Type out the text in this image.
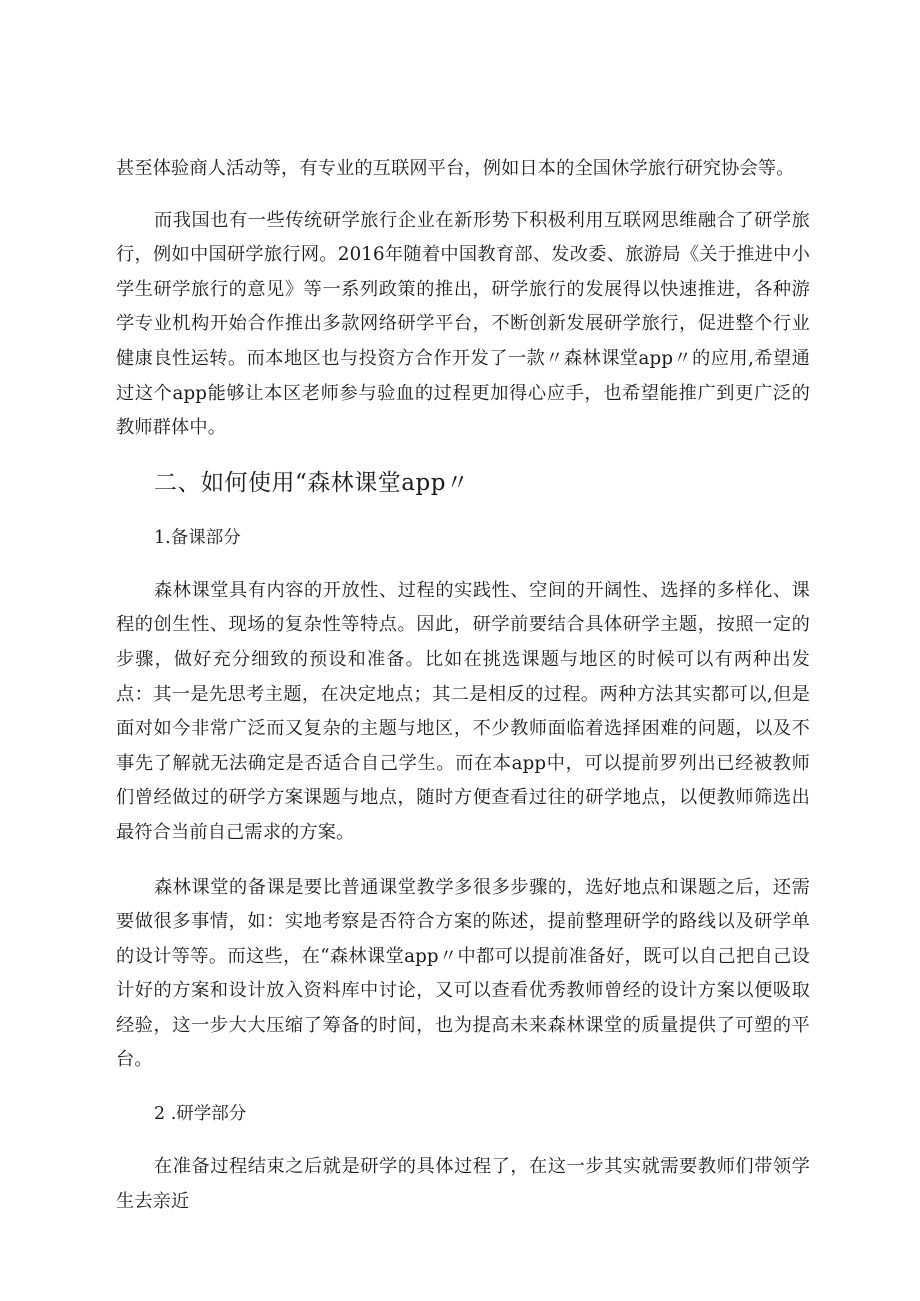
甚至体验商人活动等，有专业的互联网平台，例如日本的全国休学旅行研究协会等。

而我国也有一些传统研学旅行企业在新形势下积极利用互联网思维融合了研学旅行，例如中国研学旅行网。2016年随着中国教育部、发改委、旅游局《关于推进中小学生研学旅行的意见》等一系列政策的推出，研学旅行的发展得以快速推进，各种游学专业机构开始合作推出多款网络研学平台，不断创新发展研学旅行，促进整个行业健康良性运转。而本地区也与投资方合作开发了一款〃森林课堂app〃的应用,希望通过这个app能够让本区老师参与验血的过程更加得心应手，也希望能推广到更广泛的教师群体中。

二、如何使用“森林课堂app〃
1.备课部分

森林课堂具有内容的开放性、过程的实践性、空间的开阔性、选择的多样化、课程的创生性、现场的复杂性等特点。因此，研学前要结合具体研学主题，按照一定的步骤，做好充分细致的预设和准备。比如在挑选课题与地区的时候可以有两种出发点：其一是先思考主题，在决定地点；其二是相反的过程。两种方法其实都可以,但是面对如今非常广泛而又复杂的主题与地区，不少教师面临着选择困难的问题，以及不事先了解就无法确定是否适合自己学生。而在本app中，可以提前罗列出已经被教师们曾经做过的研学方案课题与地点，随时方便查看过往的研学地点，以便教师筛选出最符合当前自己需求的方案。

森林课堂的备课是要比普通课堂教学多很多步骤的，选好地点和课题之后，还需要做很多事情，如：实地考察是否符合方案的陈述，提前整理研学的路线以及研学单的设计等等。而这些，在“森林课堂app〃中都可以提前准备好，既可以自己把自己设计好的方案和设计放入资料库中讨论，又可以查看优秀教师曾经的设计方案以便吸取经验，这一步大大压缩了筹备的时间，也为提高未来森林课堂的质量提供了可塑的平台。

2 .研学部分

在准备过程结束之后就是研学的具体过程了，在这一步其实就需要教师们带领学生去亲近
